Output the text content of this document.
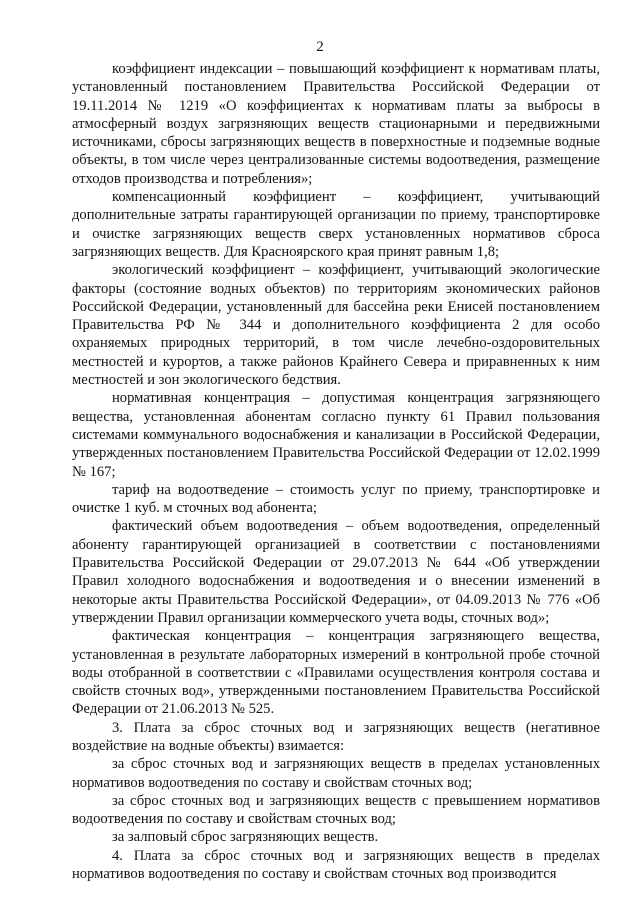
2

коэффициент индексации – повышающий коэффициент к нормативам платы, установленный постановлением Правительства Российской Федерации от 19.11.2014 № 1219 «О коэффициентах к нормативам платы за выбросы в атмосферный воздух загрязняющих веществ стационарными и передвижными источниками, сбросы загрязняющих веществ в поверхностные и подземные водные объекты, в том числе через централизованные системы водоотведения, размещение отходов производства и потребления»;

компенсационный коэффициент – коэффициент, учитывающий дополнительные затраты гарантирующей организации по приему, транспортировке и очистке загрязняющих веществ сверх установленных нормативов сброса загрязняющих веществ. Для Красноярского края принят равным 1,8;

экологический коэффициент – коэффициент, учитывающий экологические факторы (состояние водных объектов) по территориям экономических районов Российской Федерации, установленный для бассейна реки Енисей постановлением Правительства РФ № 344 и дополнительного коэффициента 2 для особо охраняемых природных территорий, в том числе лечебно-оздоровительных местностей и курортов, а также районов Крайнего Севера и приравненных к ним местностей и зон экологического бедствия.

нормативная концентрация – допустимая концентрация загрязняющего вещества, установленная абонентам согласно пункту 61 Правил пользования системами коммунального водоснабжения и канализации в Российской Федерации, утвержденных постановлением Правительства Российской Федерации от 12.02.1999 № 167;

тариф на водоотведение – стоимость услуг по приему, транспортировке и очистке 1 куб. м сточных вод абонента;

фактический объем водоотведения – объем водоотведения, определенный абоненту гарантирующей организацией в соответствии с постановлениями Правительства Российской Федерации от 29.07.2013 № 644 «Об утверждении Правил холодного водоснабжения и водоотведения и о внесении изменений в некоторые акты Правительства Российской Федерации», от 04.09.2013 № 776 «Об утверждении Правил организации коммерческого учета воды, сточных вод»;

фактическая концентрация – концентрация загрязняющего вещества, установленная в результате лабораторных измерений в контрольной пробе сточной воды отобранной в соответствии с «Правилами осуществления контроля состава и свойств сточных вод», утвержденными постановлением Правительства Российской Федерации от 21.06.2013 № 525.

3. Плата за сброс сточных вод и загрязняющих веществ (негативное воздействие на водные объекты) взимается:

за сброс сточных вод и загрязняющих веществ в пределах установленных нормативов водоотведения по составу и свойствам сточных вод;

за сброс сточных вод и загрязняющих веществ с превышением нормативов водоотведения по составу и свойствам сточных вод;

за залповый сброс загрязняющих веществ.

4. Плата за сброс сточных вод и загрязняющих веществ в пределах нормативов водоотведения по составу и свойствам сточных вод производится
